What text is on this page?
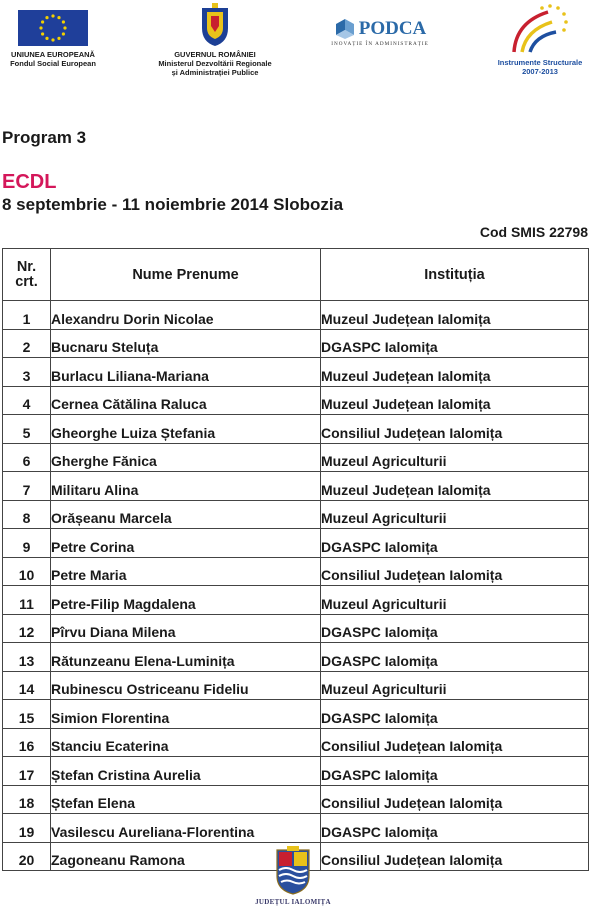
UNIUNEA EUROPEANĂ
Fondul Social European
GUVERNUL ROMÂNIEI
Ministerul Dezvoltării Regionale
și Administrației Publice
PODCA
INOVAȚIE ÎN ADMINISTRAȚIE
Instrumente Structurale
2007-2013
Program 3
ECDL
8 septembrie - 11 noiembrie 2014 Slobozia
Cod SMIS 22798
Nr.
crt.	Nume Prenume	Instituția
1	Alexandru Dorin Nicolae	Muzeul Județean Ialomița
2	Bucnaru Steluța	DGASPC Ialomița
3	Burlacu Liliana-Mariana	Muzeul Județean Ialomița
4	Cernea Cătălina Raluca	Muzeul Județean Ialomița
5	Gheorghe Luiza Ștefania	Consiliul Județean Ialomița
6	Gherghe Fănica	Muzeul Agriculturii
7	Militaru Alina	Muzeul Județean Ialomița
8	Orășeanu Marcela	Muzeul Agriculturii
9	Petre Corina	DGASPC Ialomița
10	Petre Maria	Consiliul Județean Ialomița
11	Petre-Filip Magdalena	Muzeul Agriculturii
12	Pîrvu Diana Milena	DGASPC Ialomița
13	Rătunzeanu Elena-Luminița	DGASPC Ialomița
14	Rubinescu Ostriceanu Fideliu	Muzeul Agriculturii
15	Simion Florentina	DGASPC Ialomița
16	Stanciu Ecaterina	Consiliul Județean Ialomița
17	Ștefan Cristina Aurelia	DGASPC Ialomița
18	Ștefan Elena	Consiliul Județean Ialomița
19	Vasilescu Aureliana-Florentina	DGASPC Ialomița
20	Zagoneanu Ramona	Consiliul Județean Ialomița
JUDEȚUL IALOMIȚA
